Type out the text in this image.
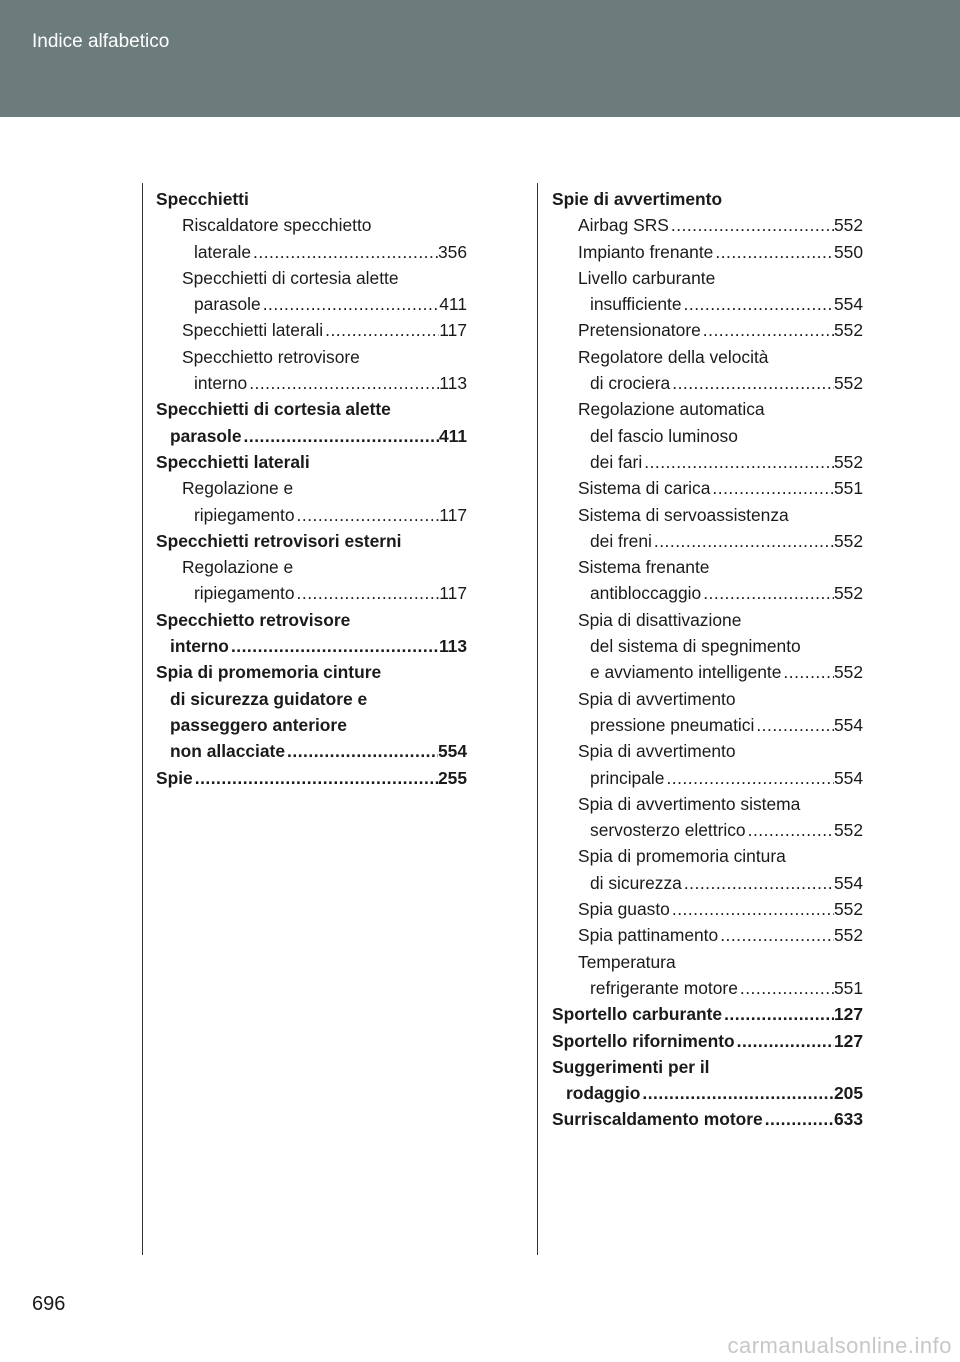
Indice alfabetico
Specchietti
Riscaldatore specchietto
laterale .....	356
Specchietti di cortesia alette
parasole .....	411
Specchietti laterali .....	117
Specchietto retrovisore
interno .....	113
Specchietti di cortesia alette
parasole .....	411
Specchietti laterali
Regolazione e
ripiegamento .....	117
Specchietti retrovisori esterni
Regolazione e
ripiegamento .....	117
Specchietto retrovisore
interno .....	113
Spia di promemoria cinture
di sicurezza guidatore e
passeggero anteriore
non allacciate .....	554
Spie .....	255
Spie di avvertimento
Airbag SRS .....	552
Impianto frenante .....	550
Livello carburante
insufficiente .....	554
Pretensionatore .....	552
Regolatore della velocità
di crociera .....	552
Regolazione automatica
del fascio luminoso
dei fari .....	552
Sistema di carica .....	551
Sistema di servoassistenza
dei freni .....	552
Sistema frenante
antibloccaggio .....	552
Spia di disattivazione
del sistema di spegnimento
e avviamento intelligente .....	552
Spia di avvertimento
pressione pneumatici .....	554
Spia di avvertimento
principale .....	554
Spia di avvertimento sistema
servosterzo elettrico .....	552
Spia di promemoria cintura
di sicurezza .....	554
Spia guasto .....	552
Spia pattinamento .....	552
Temperatura
refrigerante motore .....	551
Sportello carburante .....	127
Sportello rifornimento .....	127
Suggerimenti per il
rodaggio .....	205
Surriscaldamento motore .....	633
696
carmanualsonline.info
